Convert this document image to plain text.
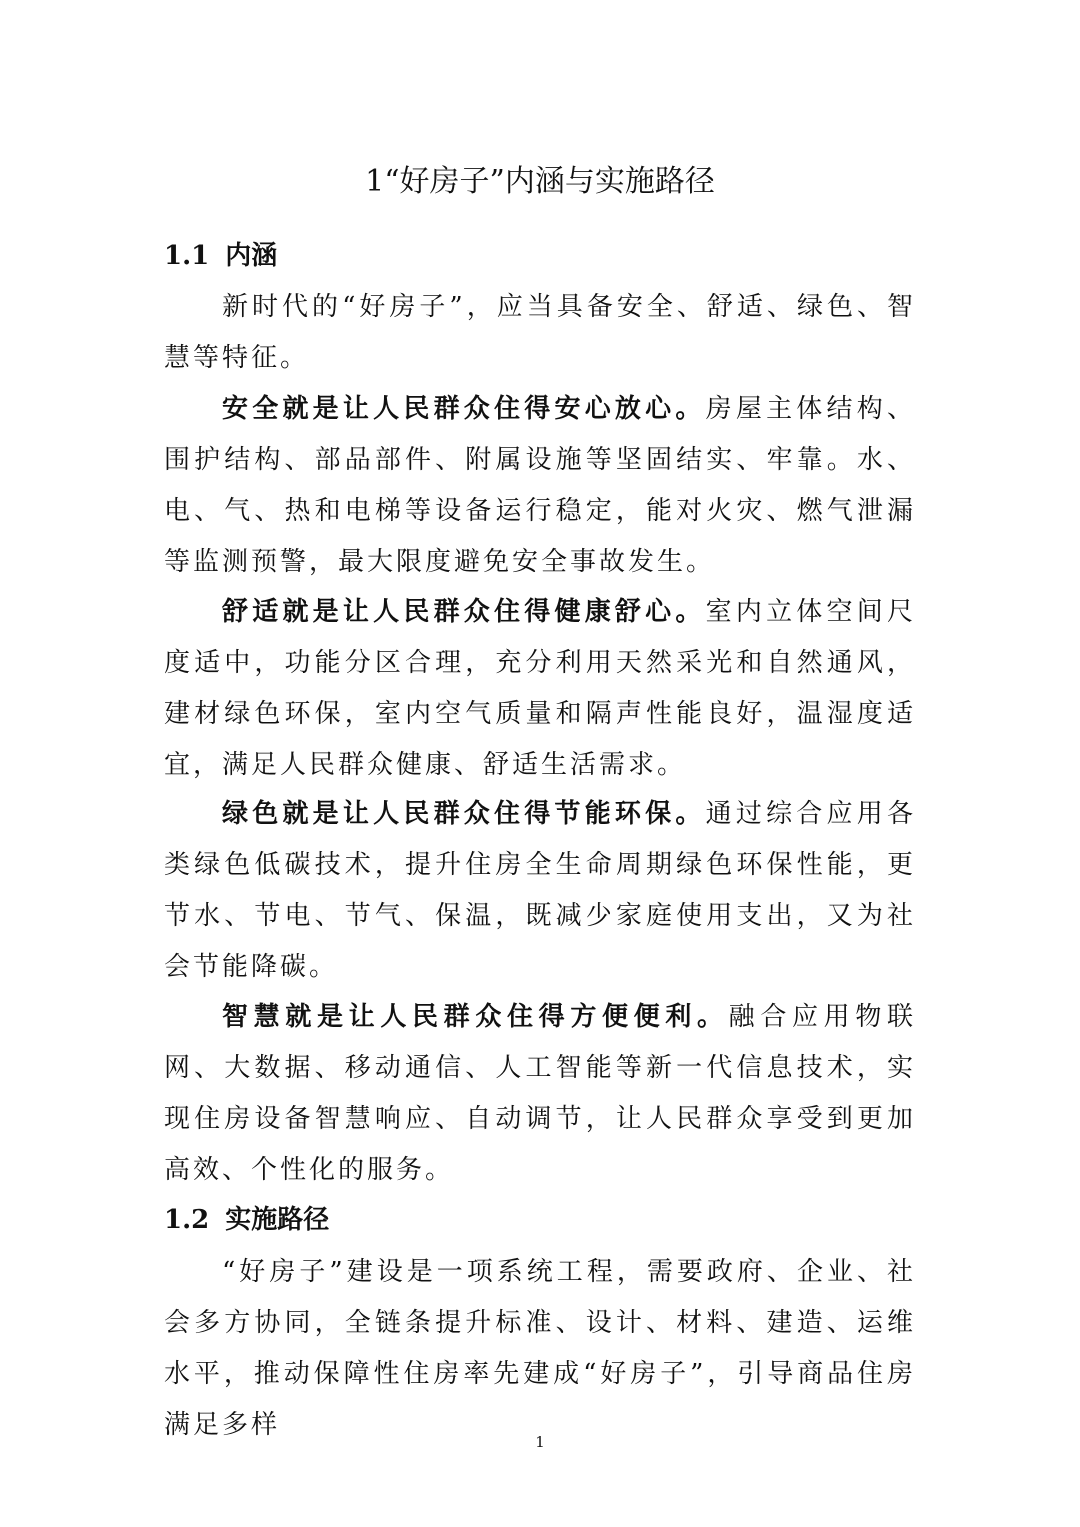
1“好房子”内涵与实施路径
1.1 内涵

新时代的“好房子”，应当具备安全、舒适、绿色、智慧等特征。

安全就是让人民群众住得安心放心。房屋主体结构、围护结构、部品部件、附属设施等坚固结实、牢靠。水、电、气、热和电梯等设备运行稳定，能对火灾、燃气泄漏等监测预警，最大限度避免安全事故发生。

舒适就是让人民群众住得健康舒心。室内立体空间尺度适中，功能分区合理，充分利用天然采光和自然通风，建材绿色环保，室内空气质量和隔声性能良好，温湿度适宜，满足人民群众健康、舒适生活需求。

绿色就是让人民群众住得节能环保。通过综合应用各类绿色低碳技术，提升住房全生命周期绿色环保性能，更节水、节电、节气、保温，既减少家庭使用支出，又为社会节能降碳。

智慧就是让人民群众住得方便便利。融合应用物联网、大数据、移动通信、人工智能等新一代信息技术，实现住房设备智慧响应、自动调节，让人民群众享受到更加高效、个性化的服务。

1.2 实施路径

“好房子”建设是一项系统工程，需要政府、企业、社会多方协同，全链条提升标准、设计、材料、建造、运维水平，推动保障性住房率先建成“好房子”，引导商品住房满足多样

1
